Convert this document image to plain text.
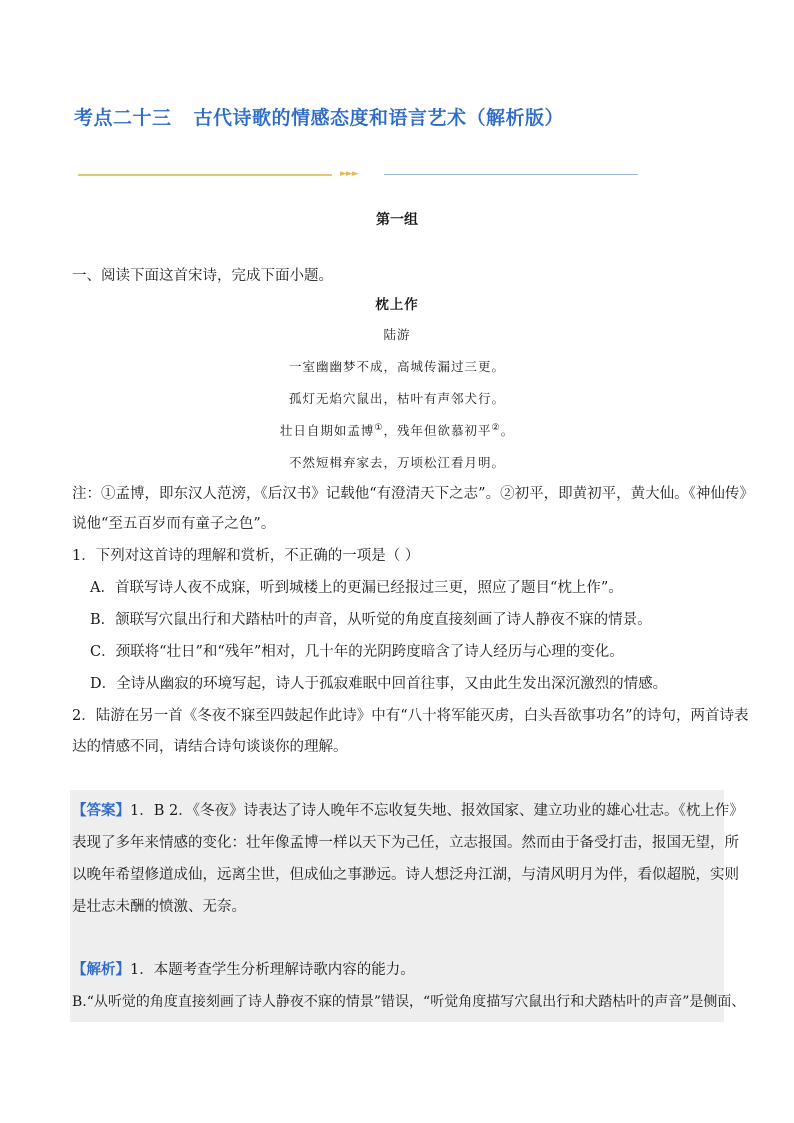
考点二十三 古代诗歌的情感态度和语言艺术（解析版）
►►►
第一组
一、阅读下面这首宋诗，完成下面小题。
枕上作
陆游
一室幽幽梦不成，高城传漏过三更。
孤灯无焰穴鼠出，枯叶有声邻犬行。
壮日自期如孟博①，残年但欲慕初平②。
不然短楫弃家去，万顷松江看月明。
注：①孟博，即东汉人范滂，《后汉书》记载他“有澄清天下之志”。②初平，即黄初平，黄大仙。《神仙传》
说他“至五百岁而有童子之色”。
1．下列对这首诗的理解和赏析，不正确的一项是（ ）
A．首联写诗人夜不成寐，听到城楼上的更漏已经报过三更，照应了题目“枕上作”。
B．颔联写穴鼠出行和犬踏枯叶的声音，从听觉的角度直接刻画了诗人静夜不寐的情景。
C．颈联将“壮日”和“残年”相对，几十年的光阴跨度暗含了诗人经历与心理的变化。
D．全诗从幽寂的环境写起，诗人于孤寂难眠中回首往事，又由此生发出深沉激烈的情感。
2．陆游在另一首《冬夜不寐至四鼓起作此诗》中有“八十将军能灭虏，白头吾欲事功名”的诗句，两首诗表
达的情感不同，请结合诗句谈谈你的理解。
【答案】1．B 2．《冬夜》诗表达了诗人晚年不忘收复失地、报效国家、建立功业的雄心壮志。《枕上作》
表现了多年来情感的变化：壮年像孟博一样以天下为己任，立志报国。然而由于备受打击，报国无望，所
以晚年希望修道成仙，远离尘世，但成仙之事渺远。诗人想泛舟江湖，与清风明月为伴，看似超脱，实则
是壮志未酬的愤激、无奈。
【解析】1．本题考查学生分析理解诗歌内容的能力。
B.“从听觉的角度直接刻画了诗人静夜不寐的情景”错误，“听觉角度描写穴鼠出行和犬踏枯叶的声音”是侧面、
